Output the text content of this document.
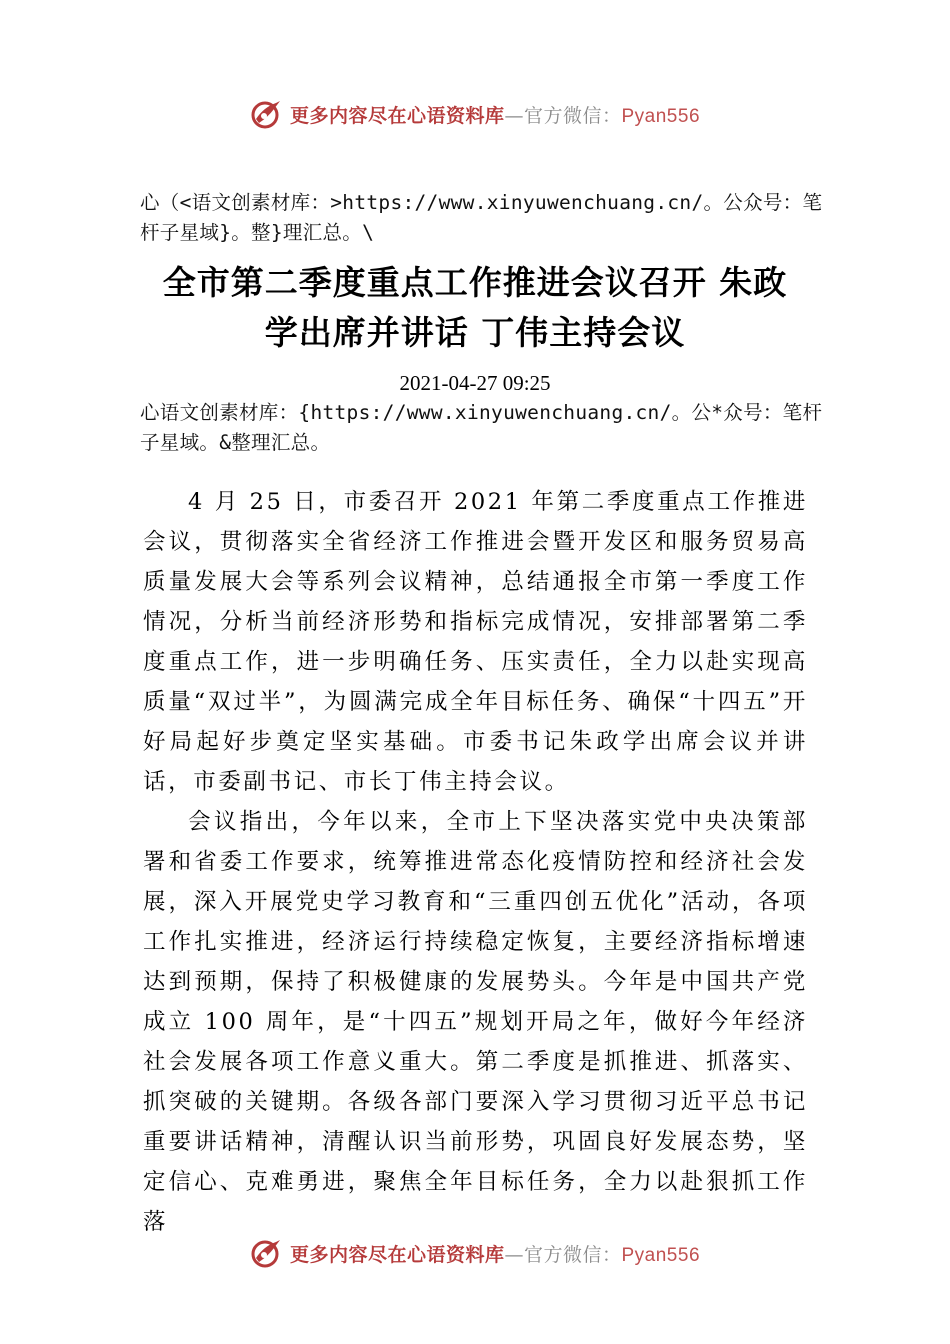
更多内容尽在心语资料库—官方微信：Pyan556
心（<语文创素材库：>https://www.xinyuwenchuang.cn/。公众号：笔杆子星域}。整}理汇总。\
全市第二季度重点工作推进会议召开 朱政
学出席并讲话 丁伟主持会议
2021-04-27 09:25
心语文创素材库：{https://www.xinyuwenchuang.cn/。公*众号：笔杆子星域。&整理汇总。

4 月 25 日，市委召开 2021 年第二季度重点工作推进会议，贯彻落实全省经济工作推进会暨开发区和服务贸易高质量发展大会等系列会议精神，总结通报全市第一季度工作情况，分析当前经济形势和指标完成情况，安排部署第二季度重点工作，进一步明确任务、压实责任，全力以赴实现高质量“双过半”，为圆满完成全年目标任务、确保“十四五”开好局起好步奠定坚实基础。市委书记朱政学出席会议并讲话，市委副书记、市长丁伟主持会议。

会议指出，今年以来，全市上下坚决落实党中央决策部署和省委工作要求，统筹推进常态化疫情防控和经济社会发展，深入开展党史学习教育和“三重四创五优化”活动，各项工作扎实推进，经济运行持续稳定恢复，主要经济指标增速达到预期，保持了积极健康的发展势头。今年是中国共产党成立 100 周年，是“十四五”规划开局之年，做好今年经济社会发展各项工作意义重大。第二季度是抓推进、抓落实、抓突破的关键期。各级各部门要深入学习贯彻习近平总书记重要讲话精神，清醒认识当前形势，巩固良好发展态势，坚定信心、克难勇进，聚焦全年目标任务，全力以赴狠抓工作落

更多内容尽在心语资料库—官方微信：Pyan556
